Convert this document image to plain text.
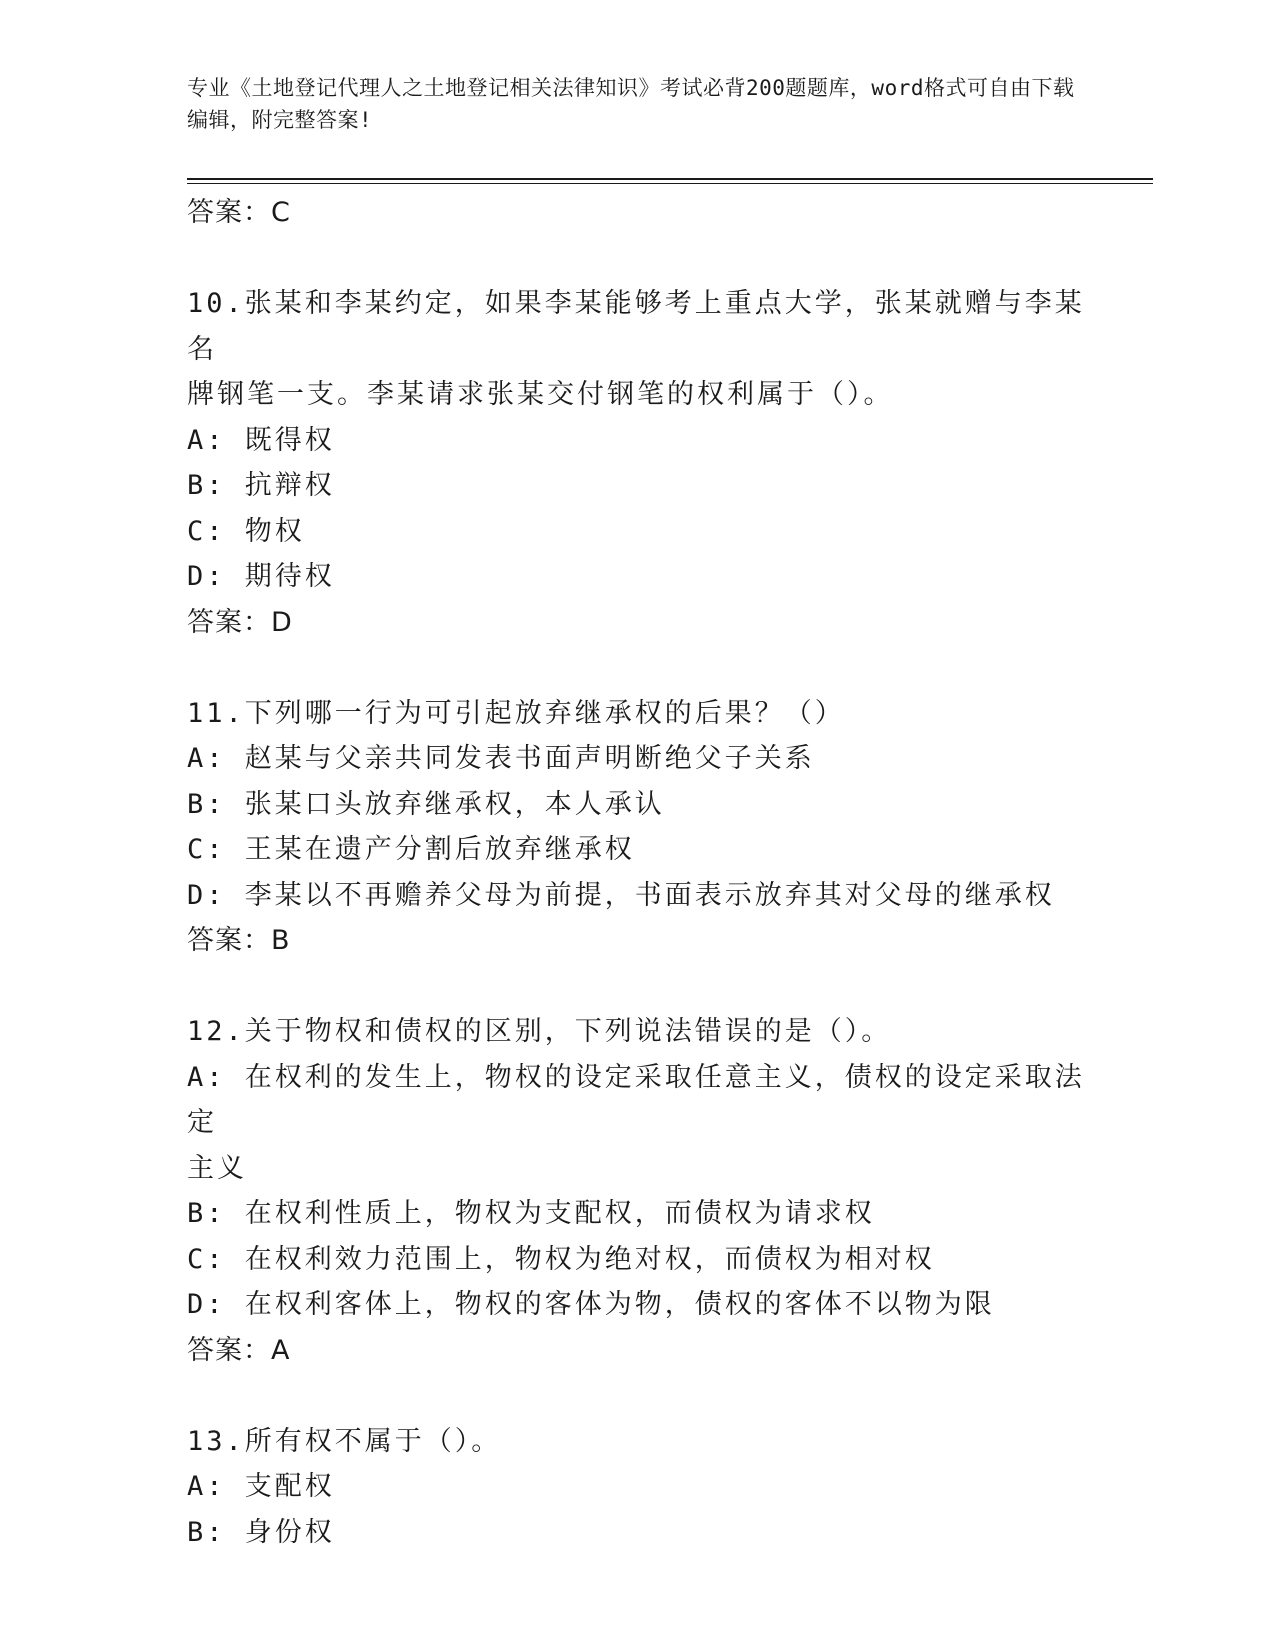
专业《土地登记代理人之土地登记相关法律知识》考试必背200题题库，word格式可自由下载编辑，附完整答案!
答案：C
10.张某和李某约定，如果李某能够考上重点大学，张某就赠与李某名
牌钢笔一支。李某请求张某交付钢笔的权利属于（）。
A: 既得权
B: 抗辩权
C: 物权
D: 期待权
答案：D
11.下列哪一行为可引起放弃继承权的后果？（）
A: 赵某与父亲共同发表书面声明断绝父子关系
B: 张某口头放弃继承权，本人承认
C: 王某在遗产分割后放弃继承权
D: 李某以不再赡养父母为前提，书面表示放弃其对父母的继承权
答案：B
12.关于物权和债权的区别，下列说法错误的是（）。
A: 在权利的发生上，物权的设定采取任意主义，债权的设定采取法定
主义
B: 在权利性质上，物权为支配权，而债权为请求权
C: 在权利效力范围上，物权为绝对权，而债权为相对权
D: 在权利客体上，物权的客体为物，债权的客体不以物为限
答案：A
13.所有权不属于（）。
A: 支配权
B: 身份权
